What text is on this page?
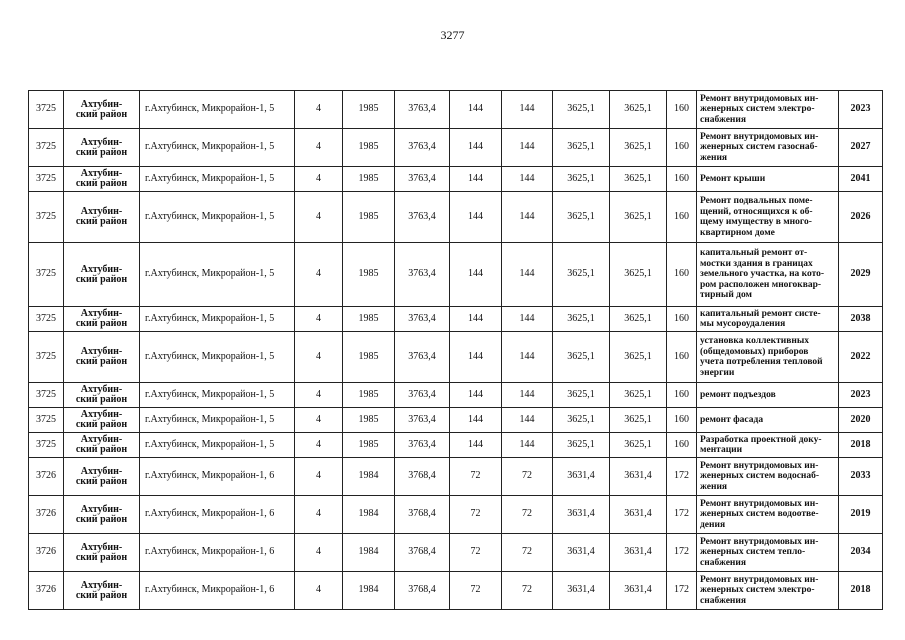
3277
3725	Ахтубин-
ский район	г.Ахтубинск, Микрорайон-1, 5	4	1985	3763,4	144	144	3625,1	3625,1	160	Ремонт внутридомовых ин-
женерных систем электро-
снабжения	2023
3725	Ахтубин-
ский район	г.Ахтубинск, Микрорайон-1, 5	4	1985	3763,4	144	144	3625,1	3625,1	160	Ремонт внутридомовых ин-
женерных систем газоснаб-
жения	2027
3725	Ахтубин-
ский район	г.Ахтубинск, Микрорайон-1, 5	4	1985	3763,4	144	144	3625,1	3625,1	160	Ремонт крыши	2041
3725	Ахтубин-
ский район	г.Ахтубинск, Микрорайон-1, 5	4	1985	3763,4	144	144	3625,1	3625,1	160	Ремонт подвальных поме-
щений, относящихся к об-
щему имуществу в много-
квартирном доме	2026
3725	Ахтубин-
ский район	г.Ахтубинск, Микрорайон-1, 5	4	1985	3763,4	144	144	3625,1	3625,1	160	капитальный ремонт от-
мостки здания в границах
земельного участка, на кото-
ром расположен многоквар-
тирный дом	2029
3725	Ахтубин-
ский район	г.Ахтубинск, Микрорайон-1, 5	4	1985	3763,4	144	144	3625,1	3625,1	160	капитальный ремонт систе-
мы мусороудаления	2038
3725	Ахтубин-
ский район	г.Ахтубинск, Микрорайон-1, 5	4	1985	3763,4	144	144	3625,1	3625,1	160	установка коллективных
(общедомовых) приборов
учета потребления тепловой
энергии	2022
3725	Ахтубин-
ский район	г.Ахтубинск, Микрорайон-1, 5	4	1985	3763,4	144	144	3625,1	3625,1	160	ремонт подъездов	2023
3725	Ахтубин-
ский район	г.Ахтубинск, Микрорайон-1, 5	4	1985	3763,4	144	144	3625,1	3625,1	160	ремонт фасада	2020
3725	Ахтубин-
ский район	г.Ахтубинск, Микрорайон-1, 5	4	1985	3763,4	144	144	3625,1	3625,1	160	Разработка проектной доку-
ментации	2018
3726	Ахтубин-
ский район	г.Ахтубинск, Микрорайон-1, 6	4	1984	3768,4	72	72	3631,4	3631,4	172	Ремонт внутридомовых ин-
женерных систем водоснаб-
жения	2033
3726	Ахтубин-
ский район	г.Ахтубинск, Микрорайон-1, 6	4	1984	3768,4	72	72	3631,4	3631,4	172	Ремонт внутридомовых ин-
женерных систем водоотве-
дения	2019
3726	Ахтубин-
ский район	г.Ахтубинск, Микрорайон-1, 6	4	1984	3768,4	72	72	3631,4	3631,4	172	Ремонт внутридомовых ин-
женерных систем тепло-
снабжения	2034
3726	Ахтубин-
ский район	г.Ахтубинск, Микрорайон-1, 6	4	1984	3768,4	72	72	3631,4	3631,4	172	Ремонт внутридомовых ин-
женерных систем электро-
снабжения	2018
